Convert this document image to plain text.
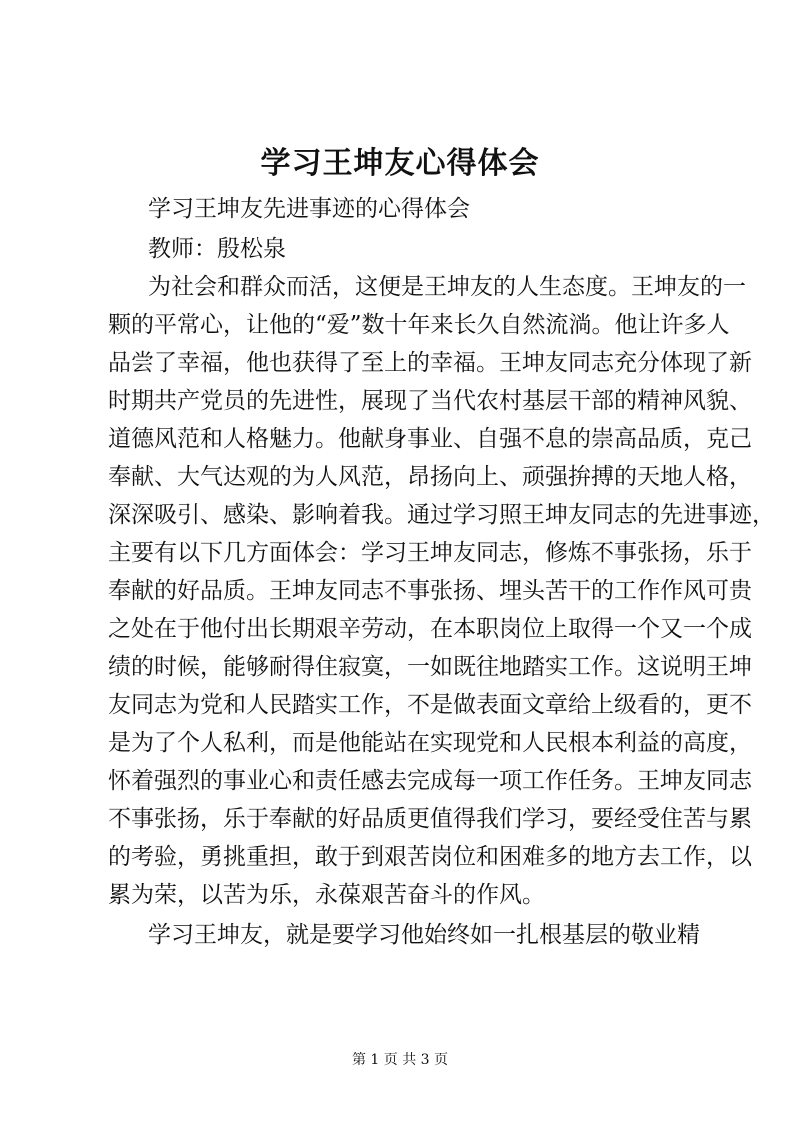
学习王坤友心得体会
学习王坤友先进事迹的心得体会
教师：殷松泉
为社会和群众而活，这便是王坤友的人生态度。王坤友的一
颗的平常心，让他的“爱”数十年来长久自然流淌。他让许多人
品尝了幸福，他也获得了至上的幸福。王坤友同志充分体现了新
时期共产党员的先进性，展现了当代农村基层干部的精神风貌、
道德风范和人格魅力。他献身事业、自强不息的崇高品质，克己
奉献、大气达观的为人风范，昂扬向上、顽强拚搏的天地人格，
深深吸引、感染、影响着我。通过学习照王坤友同志的先进事迹，
主要有以下几方面体会：学习王坤友同志，修炼不事张扬，乐于
奉献的好品质。王坤友同志不事张扬、埋头苦干的工作作风可贵
之处在于他付出长期艰辛劳动，在本职岗位上取得一个又一个成
绩的时候，能够耐得住寂寞，一如既往地踏实工作。这说明王坤
友同志为党和人民踏实工作，不是做表面文章给上级看的，更不
是为了个人私利，而是他能站在实现党和人民根本利益的高度，
怀着强烈的事业心和责任感去完成每一项工作任务。王坤友同志
不事张扬，乐于奉献的好品质更值得我们学习，要经受住苦与累
的考验，勇挑重担，敢于到艰苦岗位和困难多的地方去工作，以
累为荣，以苦为乐，永葆艰苦奋斗的作风。
学习王坤友，就是要学习他始终如一扎根基层的敬业精
第 1 页 共 3 页
